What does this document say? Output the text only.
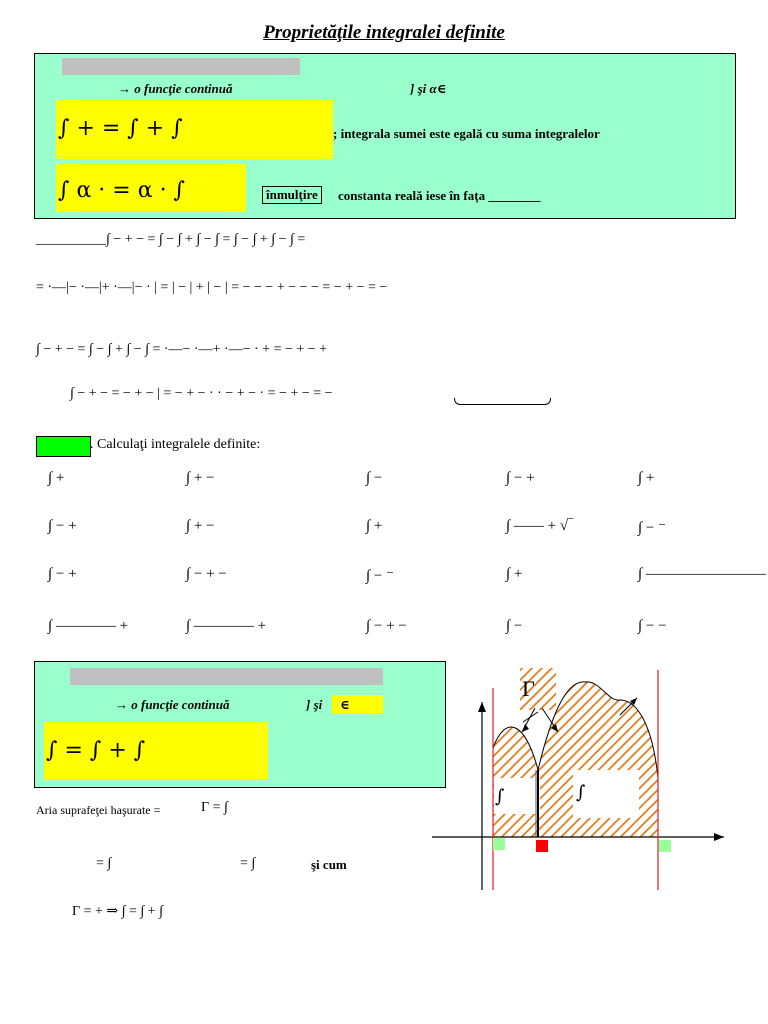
Proprietăţile integralei definite
→ o funcţie continuă	] şi α∈
∫ + = ∫ + ∫	; integrala sumei este egală cu suma integralelor
∫ α · = α · ∫	înmulţire	constanta reală iese în faţa ________
__________∫ − + − = ∫ − ∫ + ∫ − ∫ = ∫ − ∫ + ∫ − ∫ =
= ·—|− ·—|+ ·—|− · | = | − | + | − | = − − − + − − − = − + − = −
∫ − + − = ∫ − ∫ + ∫ − ∫ = ·—− ·—+ ·—− · + = − + − +
∫ − + − = − + − | = − + − · · − + − · = − + − = −
. Calculaţi integralele definite:
∫ +	∫ + −	∫ −	∫ − +	∫ +
∫ − +	∫ + −	∫ +	∫ —— + √‾	∫ − ⁻
∫ − +	∫ − + −	∫ − ⁻	∫ +	∫ ————————
∫ ———— +	∫ ———— +	∫ − + −	∫ −	∫ − −
→ o funcţie continuă	] şi ∈
∫ = ∫ + ∫
Aria suprafeţei haşurate =	Γ = ∫
= ∫	= ∫	şi cum
Γ = + ⇒ ∫ = ∫ + ∫
Γ
∫	∫
